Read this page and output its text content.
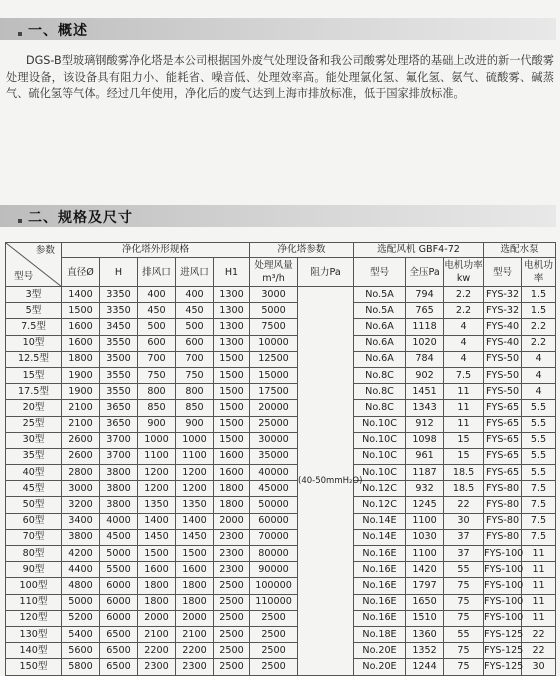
一、概述
DGS-B型玻璃钢酸雾净化塔是本公司根据国外废气处理设备和我公司酸雾处理塔的基础上改进的新一代酸雾处理设备，该设备具有阻力小、能耗省、噪音低、处理效率高。能处理氯化氢、氟化氢、氨气、硫酸雾、碱蒸气、硫化氢等气体。经过几年使用，净化后的废气达到上海市排放标准，低于国家排放标准。
二、规格及尺寸
参数
型号	净化塔外形规格					净化塔参数		选配风机 GBF4-72			选配水泵	
	直径Ø	H	排风口	进风口	H1	处理风量m³/h	阻力Pa	型号	全压Pa	电机功率kw	型号	电机功率
3型	1400	3350	400	400	1300	3000	(40-50mmH₂O)	No.5A	794	2.2	FYS-32	1.5
5型	1500	3350	450	450	1300	5000		No.5A	765	2.2	FYS-32	1.5
7.5型	1600	3450	500	500	1300	7500		No.6A	1118	4	FYS-40	2.2
10型	1600	3550	600	600	1300	10000		No.6A	1020	4	FYS-40	2.2
12.5型	1800	3500	700	700	1500	12500		No.6A	784	4	FYS-50	4
15型	1900	3550	750	750	1500	15000		No.8C	902	7.5	FYS-50	4
17.5型	1900	3550	800	800	1500	17500		No.8C	1451	11	FYS-50	4
20型	2100	3650	850	850	1500	20000		No.8C	1343	11	FYS-65	5.5
25型	2100	3650	900	900	1500	25000		No.10C	912	11	FYS-65	5.5
30型	2600	3700	1000	1000	1500	30000		No.10C	1098	15	FYS-65	5.5
35型	2600	3700	1100	1100	1600	35000		No.10C	961	15	FYS-65	5.5
40型	2800	3800	1200	1200	1600	40000		No.10C	1187	18.5	FYS-65	5.5
45型	3000	3800	1200	1200	1800	45000		No.12C	932	18.5	FYS-80	7.5
50型	3200	3800	1350	1350	1800	50000		No.12C	1245	22	FYS-80	7.5
60型	3400	4000	1400	1400	2000	60000		No.14E	1100	30	FYS-80	7.5
70型	3800	4500	1450	1450	2300	70000		No.14E	1030	37	FYS-80	7.5
80型	4200	5000	1500	1500	2300	80000		No.16E	1100	37	FYS-100	11
90型	4400	5500	1600	1600	2300	90000		No.16E	1420	55	FYS-100	11
100型	4800	6000	1800	1800	2500	100000		No.16E	1797	75	FYS-100	11
110型	5000	6000	1800	1800	2500	110000		No.16E	1650	75	FYS-100	11
120型	5200	6000	2000	2000	2500	2500		No.16E	1510	75	FYS-100	11
130型	5400	6500	2100	2100	2500	2500		No.18E	1360	55	FYS-125	22
140型	5600	6500	2200	2200	2500	2500		No.20E	1352	75	FYS-125	22
150型	5800	6500	2300	2300	2500	2500		No.20E	1244	75	FYS-125	30
